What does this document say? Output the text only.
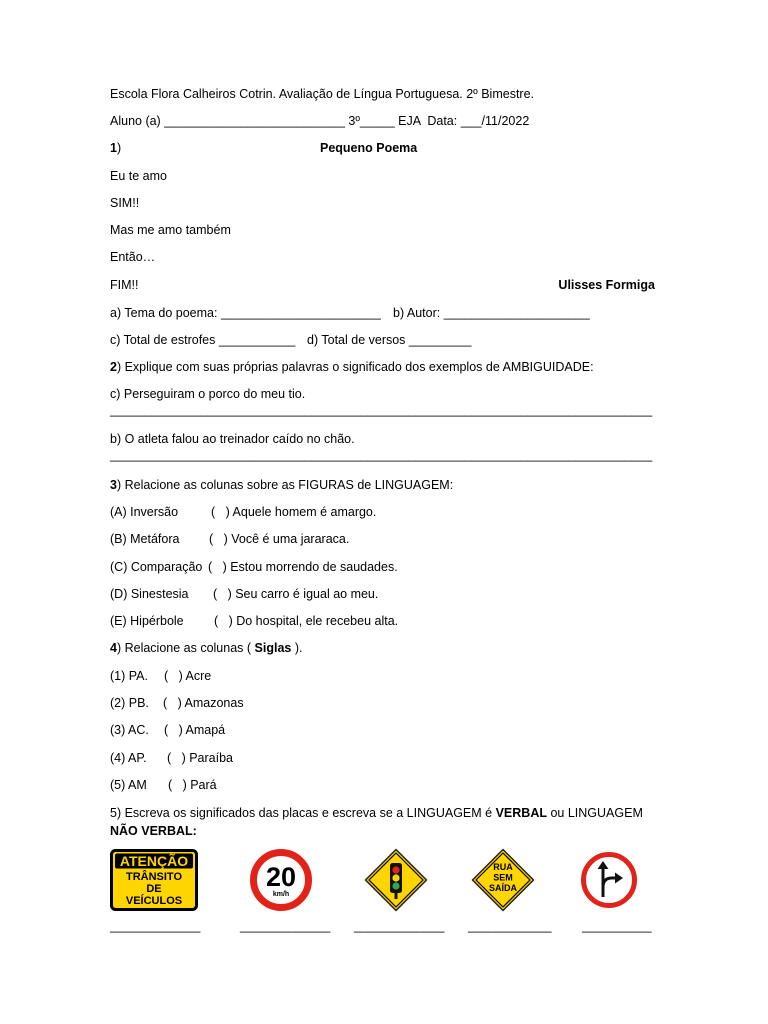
Escola Flora Calheiros Cotrin. Avaliação de Língua Portuguesa. 2º Bimestre.
Aluno (a) __________________________ 3º_____ EJA  Data: ___/11/2022
1)	Pequeno Poema
Eu te amo
SIM!!
Mas me amo também
Então…
FIM!!	Ulisses Formiga
a) Tema do poema: _______________________ b) Autor: _____________________
c) Total de estrofes ___________ d) Total de versos _________
2) Explique com suas próprias palavras o significado dos exemplos de AMBIGUIDADE:
c) Perseguiram o porco do meu tio.
______________________________________________________________________________
b) O atleta falou ao treinador caído no chão.
______________________________________________________________________________
3) Relacione as colunas sobre as FIGURAS de LINGUAGEM:
(A) Inversão	(   ) Aquele homem é amargo.
(B) Metáfora (   ) Você é uma jararaca.
(C) Comparação (   ) Estou morrendo de saudades.
(D) Sinestesia (   ) Seu carro é igual ao meu.
(E) Hipérbole (   ) Do hospital, ele recebeu alta.
4) Relacione as colunas ( Siglas ).
(1) PA. (   ) Acre
(2) PB. (   ) Amazonas
(3) AC. (   ) Amapá
(4) AP. (   ) Paraíba
(5) AM (   ) Pará
5) Escreva os significados das placas e escreva se a LINGUAGEM é VERBAL ou LINGUAGEM
NÃO VERBAL:
ATENÇÃO
TRÂNSITO
DE
VEÍCULOS
20
km/h
RUA
SEM
SAÍDA
_____________	_____________ _____________ ____________ __________
